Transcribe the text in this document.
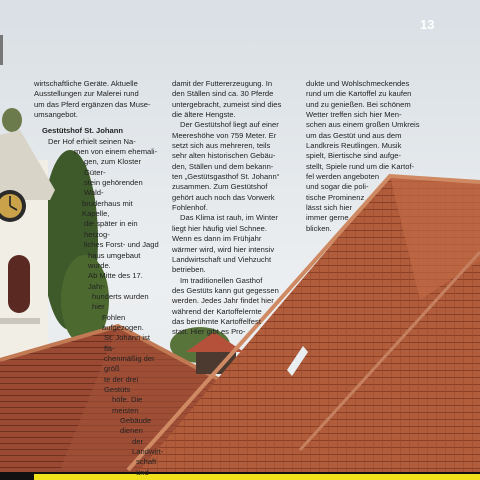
13

wirtschaftliche Geräte. Aktuelle
Ausstellungen zur Malerei rund
um das Pferd ergänzen das Muse-
umsangebot.

Gestütshof St. Johann

Der Hof erhielt seinen Na-
men von einem ehemali-
gen, zum Kloster Güter-
stein gehörenden Wald-
bruderhaus mit Kapelle,
die später in ein herzog-
liches Forst- und Jagd
haus umgebaut wurde.
Ab Mitte des 17. Jahr-
hunderts wurden hier
Fohlen aufgezogen.
St. Johann ist flä-
chenmäßig der größ
te der drei Gestüts
höfe. Die meisten
Gebäude dienen
der Landwirt-
schaft und

damit der Futtererzeugung. In
den Ställen sind ca. 30 Pferde
untergebracht, zumeist sind dies
die ältere Hengste.

Der Gestütshof liegt auf einer
Meereshöhe von 759 Meter. Er
setzt sich aus mehreren, teils
sehr alten historischen Gebäu-
den, Ställen und dem bekann-
ten „Gestütsgasthof St. Johann“
zusammen. Zum Gestütshof
gehört auch noch das Vorwerk
Fohlenhof.

Das Klima ist rauh, im Winter
liegt hier häufig viel Schnee.
Wenn es dann im Frühjahr
wärmer wird, wird hier intensiv
Landwirtschaft und Viehzucht
betrieben.

Im traditionellen Gasthof
des Gestüts kann gut gegessen
werden. Jedes Jahr findet hier
während der Kartoffelernte
das berühmte Kartoffelfest
statt. Hier gibt es Pro-

dukte und Wohlschmeckendes
rund um die Kartoffel zu kaufen
und zu genießen. Bei schönem
Wetter treffen sich hier Men-
schen aus einem großen Umkreis
um das Gestüt und aus dem
Landkreis Reutlingen. Musik
spielt, Biertische sind aufge-
stellt, Spiele rund um die Kartof-
fel werden angeboten
und sogar die poli-
tische Prominenz
lässt sich hier
immer gerne
blicken.
